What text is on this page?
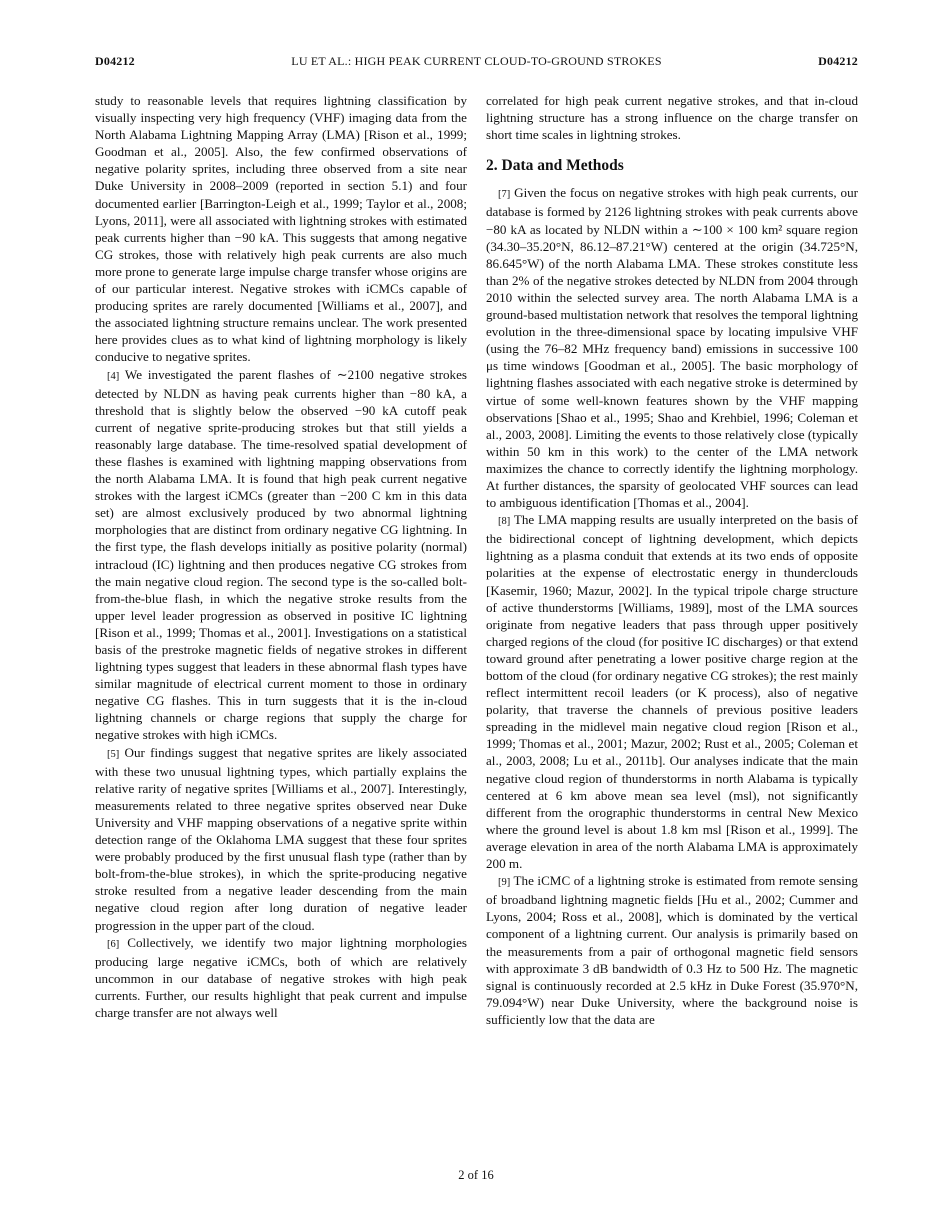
D04212	LU ET AL.: HIGH PEAK CURRENT CLOUD-TO-GROUND STROKES	D04212

study to reasonable levels that requires lightning classification by visually inspecting very high frequency (VHF) imaging data from the North Alabama Lightning Mapping Array (LMA) [Rison et al., 1999; Goodman et al., 2005]. Also, the few confirmed observations of negative polarity sprites, including three observed from a site near Duke University in 2008–2009 (reported in section 5.1) and four documented earlier [Barrington-Leigh et al., 1999; Taylor et al., 2008; Lyons, 2011], were all associated with lightning strokes with estimated peak currents higher than −90 kA. This suggests that among negative CG strokes, those with relatively high peak currents are also much more prone to generate large impulse charge transfer whose origins are of our particular interest. Negative strokes with iCMCs capable of producing sprites are rarely documented [Williams et al., 2007], and the associated lightning structure remains unclear. The work presented here provides clues as to what kind of lightning morphology is likely conducive to negative sprites.

[4] We investigated the parent flashes of ∼2100 negative strokes detected by NLDN as having peak currents higher than −80 kA, a threshold that is slightly below the observed −90 kA cutoff peak current of negative sprite-producing strokes but that still yields a reasonably large database. The time-resolved spatial development of these flashes is examined with lightning mapping observations from the north Alabama LMA. It is found that high peak current negative strokes with the largest iCMCs (greater than −200 C km in this data set) are almost exclusively produced by two abnormal lightning morphologies that are distinct from ordinary negative CG lightning. In the first type, the flash develops initially as positive polarity (normal) intracloud (IC) lightning and then produces negative CG strokes from the main negative cloud region. The second type is the so-called bolt-from-the-blue flash, in which the negative stroke results from the upper level leader progression as observed in positive IC lightning [Rison et al., 1999; Thomas et al., 2001]. Investigations on a statistical basis of the prestroke magnetic fields of negative strokes in different lightning types suggest that leaders in these abnormal flash types have similar magnitude of electrical current moment to those in ordinary negative CG flashes. This in turn suggests that it is the in-cloud lightning channels or charge regions that supply the charge for negative strokes with high iCMCs.

[5] Our findings suggest that negative sprites are likely associated with these two unusual lightning types, which partially explains the relative rarity of negative sprites [Williams et al., 2007]. Interestingly, measurements related to three negative sprites observed near Duke University and VHF mapping observations of a negative sprite within detection range of the Oklahoma LMA suggest that these four sprites were probably produced by the first unusual flash type (rather than by bolt-from-the-blue strokes), in which the sprite-producing negative stroke resulted from a negative leader descending from the main negative cloud region after long duration of negative leader progression in the upper part of the cloud.

[6] Collectively, we identify two major lightning morphologies producing large negative iCMCs, both of which are relatively uncommon in our database of negative strokes with high peak currents. Further, our results highlight that peak current and impulse charge transfer are not always well

correlated for high peak current negative strokes, and that in-cloud lightning structure has a strong influence on the charge transfer on short time scales in lightning strokes.

2. Data and Methods

[7] Given the focus on negative strokes with high peak currents, our database is formed by 2126 lightning strokes with peak currents above −80 kA as located by NLDN within a ∼100 × 100 km² square region (34.30–35.20°N, 86.12–87.21°W) centered at the origin (34.725°N, 86.645°W) of the north Alabama LMA. These strokes constitute less than 2% of the negative strokes detected by NLDN from 2004 through 2010 within the selected survey area. The north Alabama LMA is a ground-based multistation network that resolves the temporal lightning evolution in the three-dimensional space by locating impulsive VHF (using the 76–82 MHz frequency band) emissions in successive 100 μs time windows [Goodman et al., 2005]. The basic morphology of lightning flashes associated with each negative stroke is determined by virtue of some well-known features shown by the VHF mapping observations [Shao et al., 1995; Shao and Krehbiel, 1996; Coleman et al., 2003, 2008]. Limiting the events to those relatively close (typically within 50 km in this work) to the center of the LMA network maximizes the chance to correctly identify the lightning morphology. At further distances, the sparsity of geolocated VHF sources can lead to ambiguous identification [Thomas et al., 2004].

[8] The LMA mapping results are usually interpreted on the basis of the bidirectional concept of lightning development, which depicts lightning as a plasma conduit that extends at its two ends of opposite polarities at the expense of electrostatic energy in thunderclouds [Kasemir, 1960; Mazur, 2002]. In the typical tripole charge structure of active thunderstorms [Williams, 1989], most of the LMA sources originate from negative leaders that pass through upper positively charged regions of the cloud (for positive IC discharges) or that extend toward ground after penetrating a lower positive charge region at the bottom of the cloud (for ordinary negative CG strokes); the rest mainly reflect intermittent recoil leaders (or K process), also of negative polarity, that traverse the channels of previous positive leaders spreading in the midlevel main negative cloud region [Rison et al., 1999; Thomas et al., 2001; Mazur, 2002; Rust et al., 2005; Coleman et al., 2003, 2008; Lu et al., 2011b]. Our analyses indicate that the main negative cloud region of thunderstorms in north Alabama is typically centered at 6 km above mean sea level (msl), not significantly different from the orographic thunderstorms in central New Mexico where the ground level is about 1.8 km msl [Rison et al., 1999]. The average elevation in area of the north Alabama LMA is approximately 200 m.

[9] The iCMC of a lightning stroke is estimated from remote sensing of broadband lightning magnetic fields [Hu et al., 2002; Cummer and Lyons, 2004; Ross et al., 2008], which is dominated by the vertical component of a lightning current. Our analysis is primarily based on the measurements from a pair of orthogonal magnetic field sensors with approximate 3 dB bandwidth of 0.3 Hz to 500 Hz. The magnetic signal is continuously recorded at 2.5 kHz in Duke Forest (35.970°N, 79.094°W) near Duke University, where the background noise is sufficiently low that the data are

2 of 16
